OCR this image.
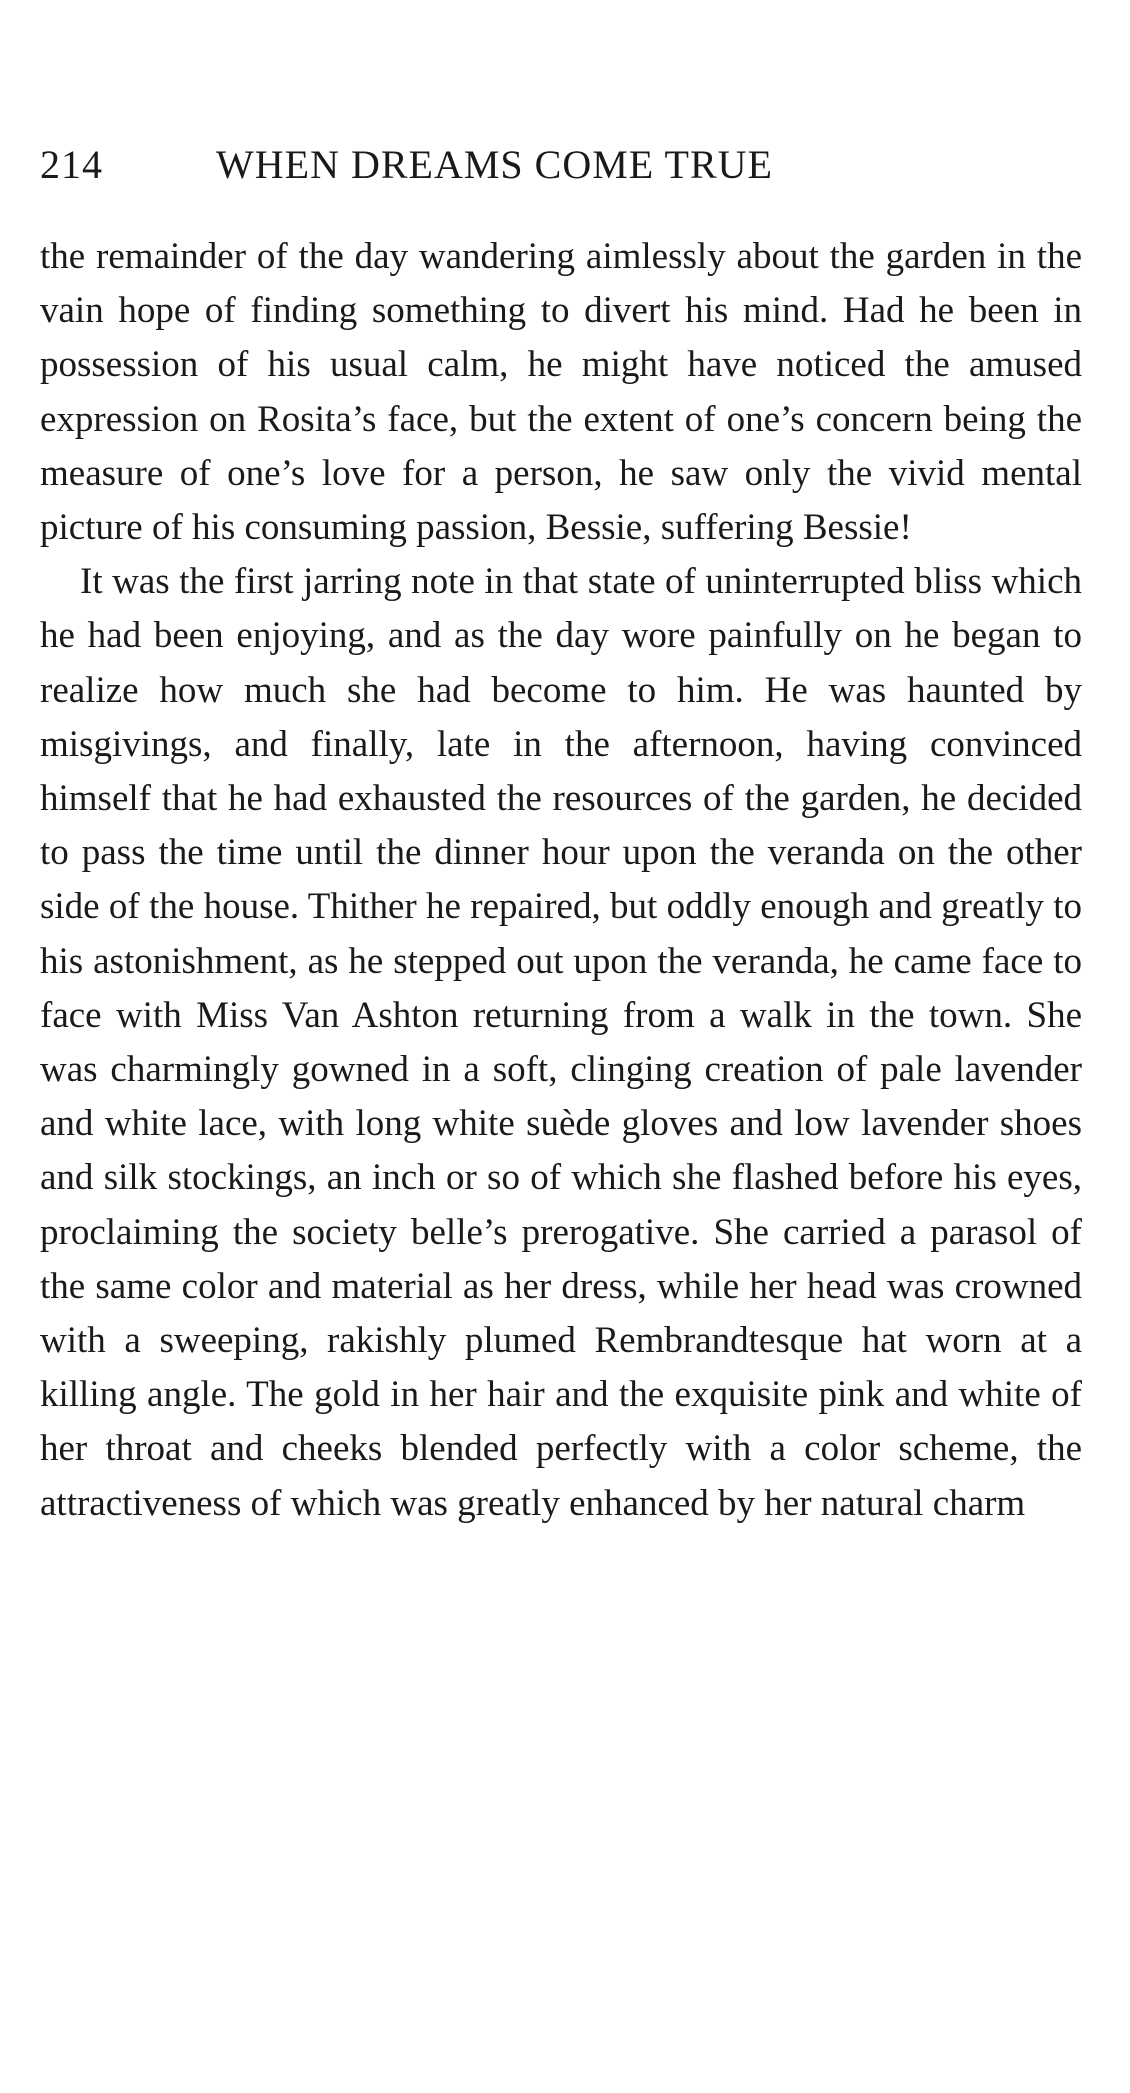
214	WHEN DREAMS COME TRUE

the remainder of the day wandering aimlessly about the garden in the vain hope of finding something to divert his mind. Had he been in possession of his usual calm, he might have noticed the amused expression on Rosita’s face, but the extent of one’s concern being the measure of one’s love for a person, he saw only the vivid mental picture of his consuming passion, Bessie, suffering Bessie!

It was the first jarring note in that state of uninterrupted bliss which he had been enjoying, and as the day wore painfully on he began to realize how much she had become to him. He was haunted by misgivings, and finally, late in the afternoon, having convinced himself that he had exhausted the resources of the garden, he decided to pass the time until the dinner hour upon the veranda on the other side of the house. Thither he repaired, but oddly enough and greatly to his astonishment, as he stepped out upon the veranda, he came face to face with Miss Van Ashton returning from a walk in the town. She was charmingly gowned in a soft, clinging creation of pale lavender and white lace, with long white suède gloves and low lavender shoes and silk stockings, an inch or so of which she flashed before his eyes, proclaiming the society belle’s prerogative. She carried a parasol of the same color and material as her dress, while her head was crowned with a sweeping, rakishly plumed Rembrandtesque hat worn at a killing angle. The gold in her hair and the exquisite pink and white of her throat and cheeks blended perfectly with a color scheme, the attractiveness of which was greatly enhanced by her natural charm
